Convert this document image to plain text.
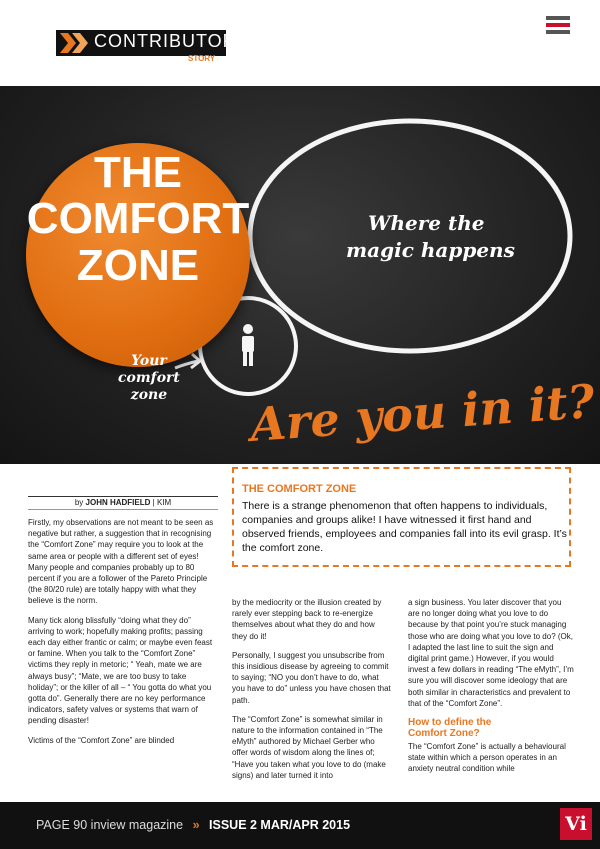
CONTRIBUTOR
STORY
THE
COMFORT
ZONE
Where the
magic happens
Your
comfort
zone Are you in it?
by JOHN HADFIELD | KIM
THE COMFORT ZONE
There is a strange phenomenon that often happens to individuals, companies and groups alike! I have witnessed it first hand and observed friends, employees and companies fall into its evil grasp. It’s the comfort zone.

Firstly, my observations are not meant to be seen as negative but rather, a suggestion that in recognising the “Comfort Zone” may require you to look at the same area or people with a different set of eyes! Many people and companies probably up to 80 percent if you are a follower of the Pareto Principle (the 80/20 rule) are totally happy with what they believe is the norm.

Many tick along blissfully “doing what they do” arriving to work; hopefully making profits; passing each day either frantic or calm; or maybe even feast or famine. When you talk to the “Comfort Zone” victims they reply in metoric; “ Yeah, mate we are always busy”; “Mate, we are too busy to take holiday”; or the killer of all – “ You gotta do what you gotta do”. Generally there are no key performance indicators, safety valves or systems that warn of pending disaster!

Victims of the “Comfort Zone” are blinded

by the mediocrity or the illusion created by rarely ever stepping back to re-energize themselves about what they do and how they do it!

Personally, I suggest you unsubscribe from this insidious disease by agreeing to commit to saying; “NO you don’t have to do, what you have to do” unless you have chosen that path.

The “Comfort Zone” is somewhat similar in nature to the information contained in “The eMyth” authored by Michael Gerber who offer words of wisdom along the lines of; “Have you taken what you love to do (make signs) and later turned it into

a sign business. You later discover that you are no longer doing what you love to do because by that point you’re stuck managing those who are doing what you love to do? (Ok, I adapted the last line to suit the sign and digital print game.) However, if you would invest a few dollars in reading “The eMyth”, I’m sure you will discover some ideology that are both similar in characteristics and prevalent to that of the “Comfort Zone”.

How to define the
Comfort Zone?

The “Comfort Zone” is actually a behavioural state within which a person operates in an anxiety neutral condition while

PAGE 90 inview magazine » ISSUE 2 MAR/APR 2015	Vi
